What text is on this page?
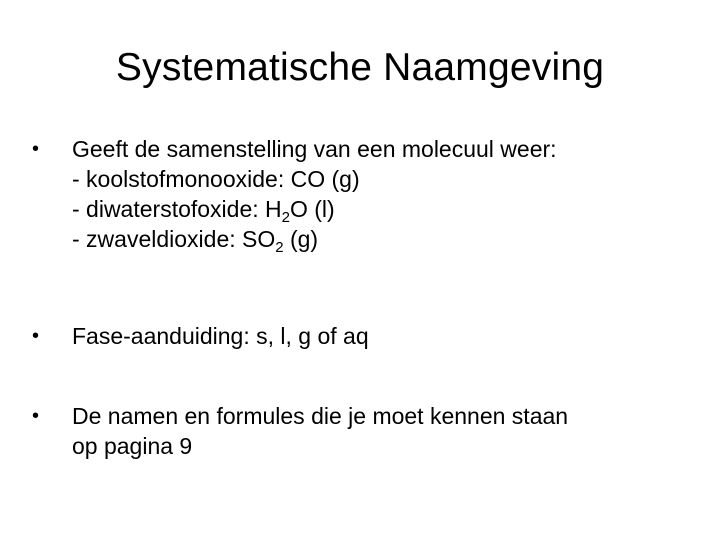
Systematische Naamgeving
•	Geeft de samenstelling van een molecuul weer:
- koolstofmonooxide: CO (g)
- diwaterstofoxide: $H_2O$ (l)
- zwaveldioxide: $SO_2$ (g)
•	Fase-aanduiding: s, l, g of aq
•	De namen en formules die je moet kennen staan
op pagina 9
